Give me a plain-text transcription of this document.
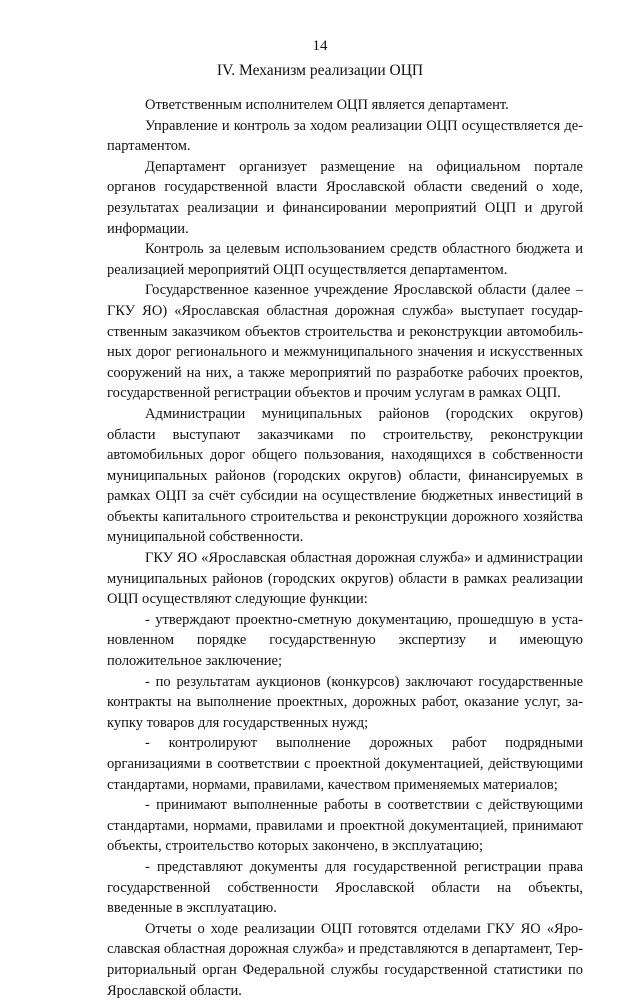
14
IV. Механизм реализации ОЦП

Ответственным исполнителем ОЦП является департамент.

Управление и контроль за ходом реализации ОЦП осуществляется департаментом.

Департамент организует размещение на официальном портале органов государственной власти Ярославской области сведений о ходе, результатах реализации и финансировании мероприятий ОЦП и другой информации.

Контроль за целевым использованием средств областного бюджета и реализацией мероприятий ОЦП осуществляется департаментом.

Государственное казенное учреждение Ярославской области (далее – ГКУ ЯО) «Ярославская областная дорожная служба» выступает государственным заказчиком объектов строительства и реконструкции автомобильных дорог регионального и межмуниципального значения и искусственных сооружений на них, а также мероприятий по разработке рабочих проектов, государственной регистрации объектов и прочим услугам в рамках ОЦП.

Администрации муниципальных районов (городских округов) области выступают заказчиками по строительству, реконструкции автомобильных дорог общего пользования, находящихся в собственности муниципальных районов (городских округов) области, финансируемых в рамках ОЦП за счёт субсидии на осуществление бюджетных инвестиций в объекты капитального строительства и реконструкции дорожного хозяйства муниципальной собственности.

ГКУ ЯО «Ярославская областная дорожная служба» и администрации муниципальных районов (городских округов) области в рамках реализации ОЦП осуществляют следующие функции:

- утверждают проектно-сметную документацию, прошедшую в установленном порядке государственную экспертизу и имеющую положительное заключение;

- по результатам аукционов (конкурсов) заключают государственные контракты на выполнение проектных, дорожных работ, оказание услуг, закупку товаров для государственных нужд;

- контролируют выполнение дорожных работ подрядными организациями в соответствии с проектной документацией, действующими стандартами, нормами, правилами, качеством применяемых материалов;

- принимают выполненные работы в соответствии с действующими стандартами, нормами, правилами и проектной документацией, принимают объекты, строительство которых закончено, в эксплуатацию;

- представляют документы для государственной регистрации права государственной собственности Ярославской области на объекты, введенные в эксплуатацию.

Отчеты о ходе реализации ОЦП готовятся отделами ГКУ ЯО «Ярославская областная дорожная служба» и представляются в департамент, Территориальный орган Федеральной службы государственной статистики по Ярославской области.
